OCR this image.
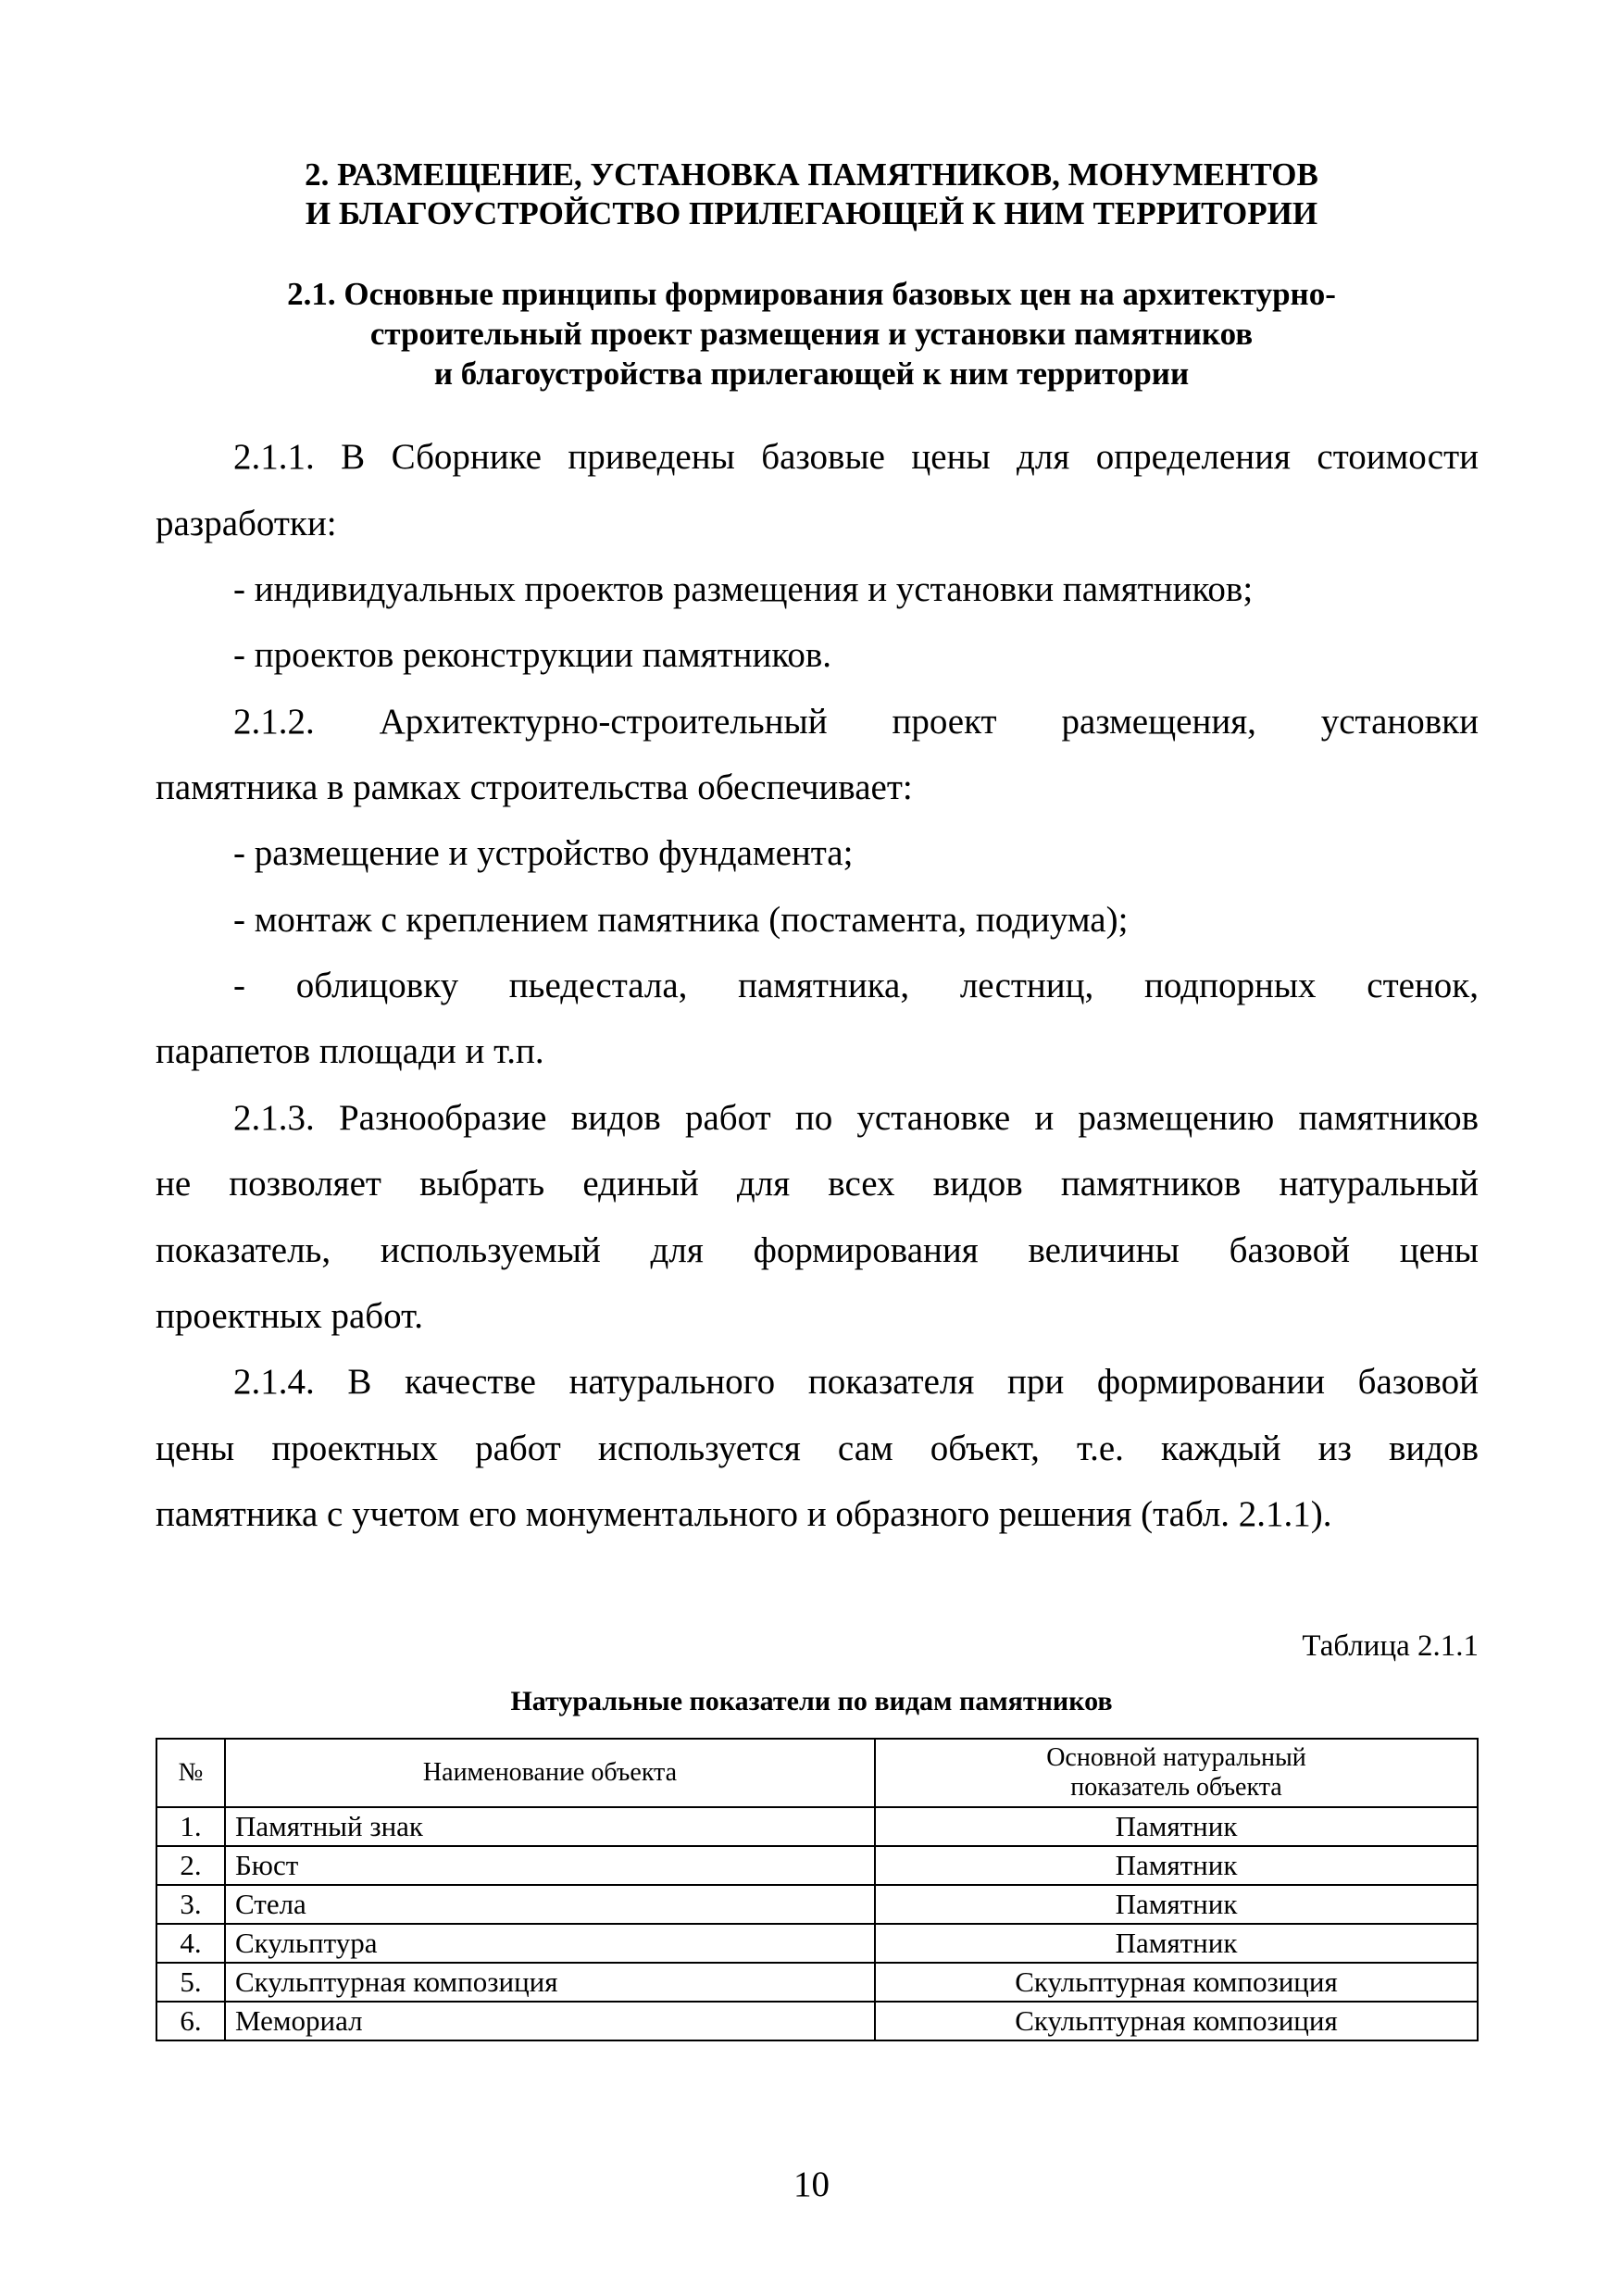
2. РАЗМЕЩЕНИЕ, УСТАНОВКА ПАМЯТНИКОВ, МОНУМЕНТОВ
И БЛАГОУСТРОЙСТВО ПРИЛЕГАЮЩЕЙ К НИМ ТЕРРИТОРИИ
2.1. Основные принципы формирования базовых цен на архитектурно-
строительный проект размещения и установки памятников
и благоустройства прилегающей к ним территории
2.1.1. В Сборнике приведены базовые цены для определения стоимости
разработки:
- индивидуальных проектов размещения и установки памятников;
- проектов реконструкции памятников.
2.1.2. Архитектурно-строительный проект размещения, установки
памятника в рамках строительства обеспечивает:
- размещение и устройство фундамента;
- монтаж с креплением памятника (постамента, подиума);
- облицовку пьедестала, памятника, лестниц, подпорных стенок,
парапетов площади и т.п.
2.1.3. Разнообразие видов работ по установке и размещению памятников
не позволяет выбрать единый для всех видов памятников натуральный
показатель, используемый для формирования величины базовой цены
проектных работ.
2.1.4. В качестве натурального показателя при формировании базовой
цены проектных работ используется сам объект, т.е. каждый из видов
памятника с учетом его монументального и образного решения (табл. 2.1.1).
Таблица 2.1.1
Натуральные показатели по видам памятников
№	Наименование объекта	Основной натуральный
показатель объекта

1.	Памятный знак	Памятник
2.	Бюст	Памятник
3.	Стела	Памятник
4.	Скульптура	Памятник
5.	Скульптурная композиция	Скульптурная композиция
6.	Мемориал	Скульптурная композиция
10
